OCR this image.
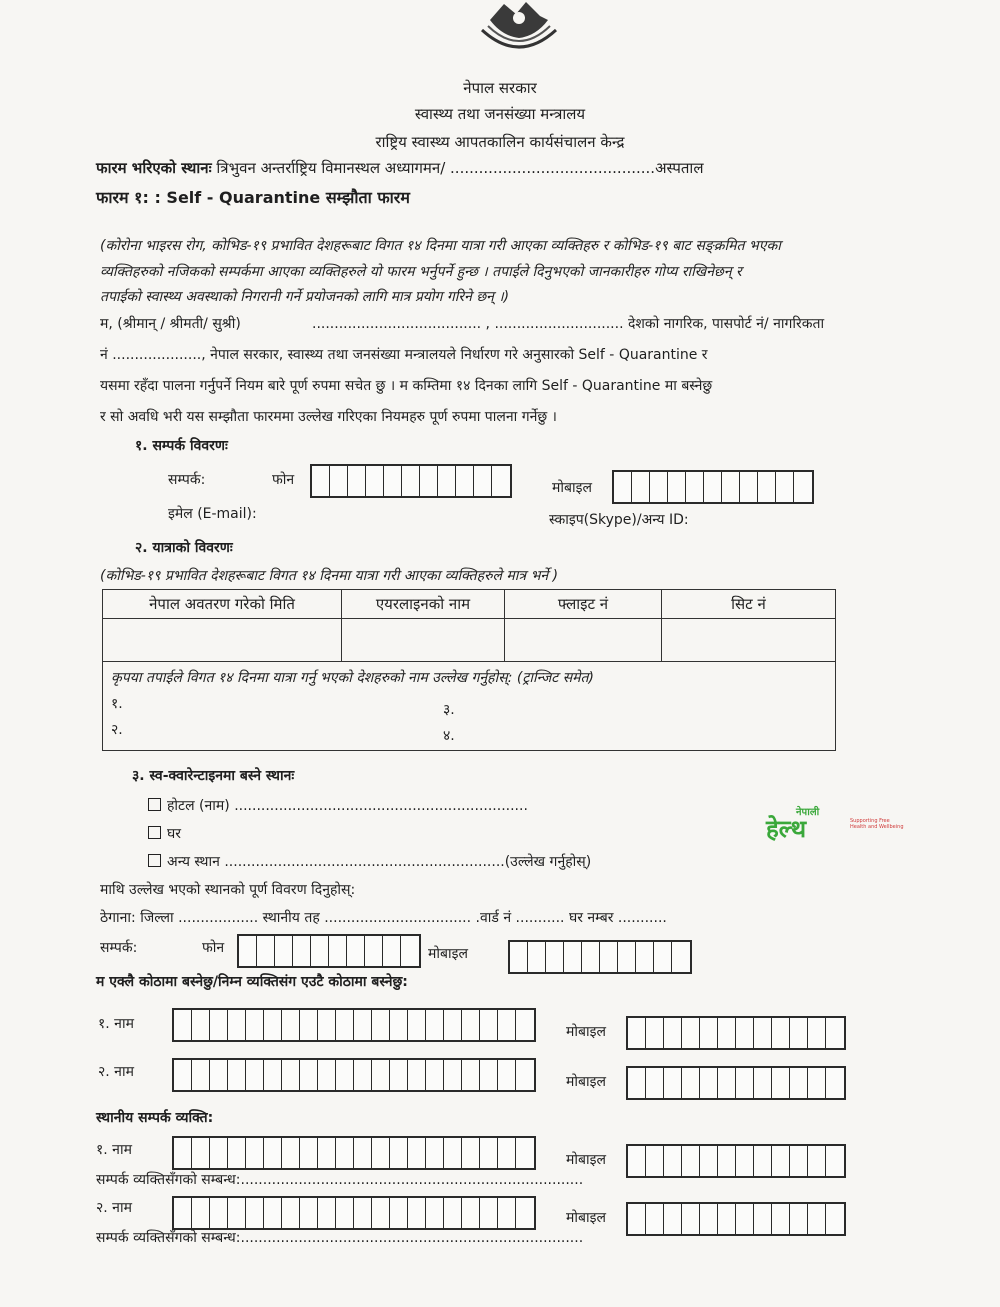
नेपाल सरकार
स्वास्थ्य तथा जनसंख्या मन्त्रालय
राष्ट्रिय स्वास्थ्य आपतकालिन कार्यसंचालन केन्द्र
फारम भरिएको स्थानः त्रिभुवन अन्तर्राष्ट्रिय विमानस्थल अध्यागमन/ ...........................................अस्पताल
फारम १: : Self - Quarantine सम्झौता फारम
(कोरोना भाइरस रोग, कोभिड-१९ प्रभावित देशहरूबाट विगत १४ दिनमा यात्रा गरी आएका व्यक्तिहरु र कोभिड-१९ बाट सङ्क्रमित भएका
व्यक्तिहरुको नजिकको सम्पर्कमा आएका व्यक्तिहरुले यो फारम भर्नुपर्ने हुन्छ । तपाईले दिनुभएको जानकारीहरु गोप्य राखिनेछन् र
तपाईको स्वास्थ्य अवस्थाको निगरानी गर्ने प्रयोजनको लागि मात्र प्रयोग गरिने छन् ।)
म, (श्रीमान् / श्रीमती/ सुश्री)	...................................... , ............................. देशको नागरिक, पासपोर्ट नं/ नागरिकता
नं ...................., नेपाल सरकार, स्वास्थ्य तथा जनसंख्या मन्त्रालयले निर्धारण गरे अनुसारको Self - Quarantine र
यसमा रहँदा पालना गर्नुपर्ने नियम बारे पूर्ण रुपमा सचेत छु । म कम्तिमा १४ दिनका लागि Self - Quarantine मा बस्नेछु
र सो अवधि भरी यस सम्झौता फारममा उल्लेख गरिएका नियमहरु पूर्ण रुपमा पालना गर्नेछु ।
१. सम्पर्क विवरणः
सम्पर्क:	फोन	मोबाइल
इमेल (E-mail):	स्काइप(Skype)/अन्य ID:
२. यात्राको विवरणः
(कोभिड-१९ प्रभावित देशहरूबाट विगत १४ दिनमा यात्रा गरी आएका व्यक्तिहरुले मात्र भर्ने )
नेपाल अवतरण गरेको मिति	एयरलाइनको नाम	फ्लाइट नं	सिट नं

कृपया तपाईले विगत १४ दिनमा यात्रा गर्नु भएको देशहरुको नाम उल्लेख गर्नुहोस्: (ट्रान्जिट समेत)
१.
२.
३.
४.			
३. स्व-क्वारेन्टाइनमा बस्ने स्थानः
होटल (नाम) ..................................................................
घर
अन्य स्थान ...............................................................(उल्लेख गर्नुहोस्)
माथि उल्लेख भएको स्थानको पूर्ण विवरण दिनुहोस्:
ठेगाना: जिल्ला .................. स्थानीय तह ................................. .वार्ड नं ........... घर नम्बर ...........
सम्पर्क:	फोन	मोबाइल
म एक्लै कोठामा बस्नेछु/निम्न व्यक्तिसंग एउटै कोठामा बस्नेछु:
१. नाम	मोबाइल
२. नाम
मोबाइल
स्थानीय सम्पर्क व्यक्ति:
१. नाम
मोबाइल
सम्पर्क व्यक्तिसँगको सम्बन्ध:.............................................................................
२. नाम
मोबाइल
सम्पर्क व्यक्तिसँगको सम्बन्ध:.............................................................................
नेपाली
हेल्थ	Supporting Free Health and Wellbeing
